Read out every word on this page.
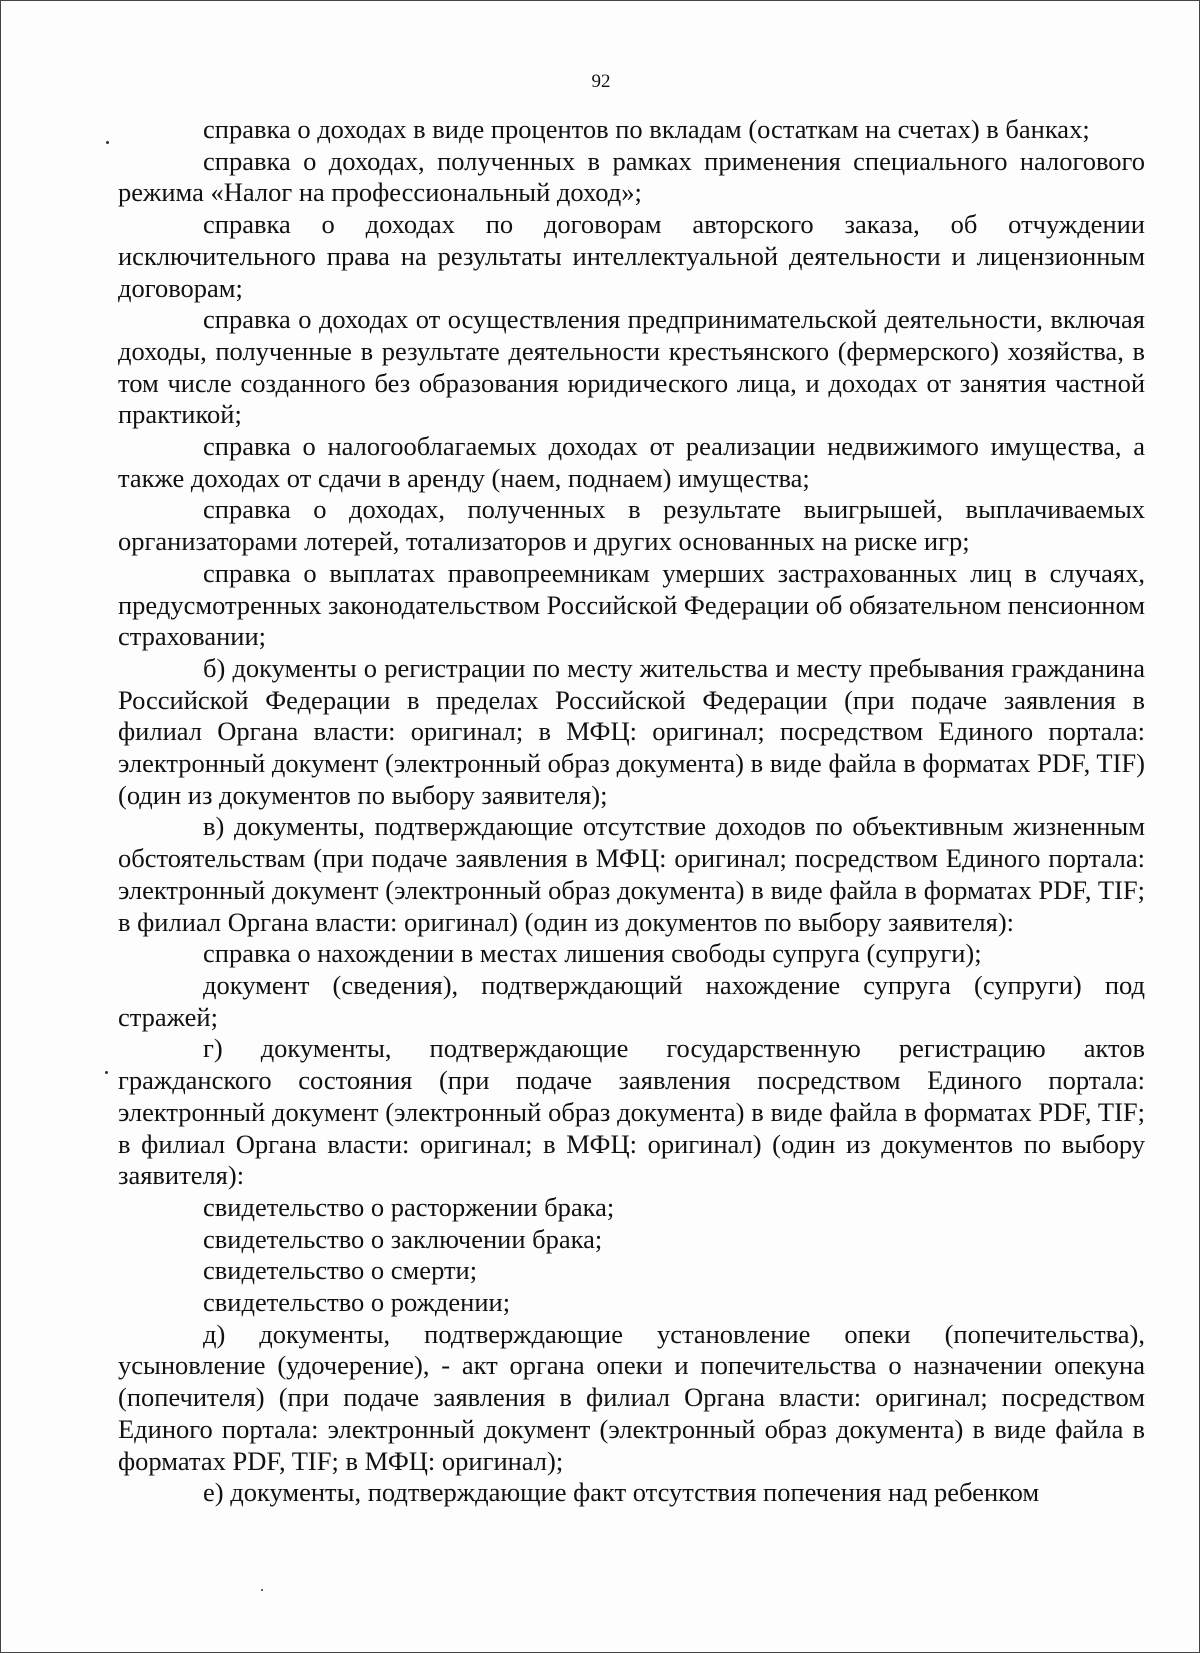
92

справка о доходах в виде процентов по вкладам (остаткам на счетах) в банках;

справка о доходах, полученных в рамках применения специального налогового режима «Налог на профессиональный доход»;

справка о доходах по договорам авторского заказа, об отчуждении исключительного права на результаты интеллектуальной деятельности и лицензионным договорам;

справка о доходах от осуществления предпринимательской деятельности, включая доходы, полученные в результате деятельности крестьянского (фермерского) хозяйства, в том числе созданного без образования юридического лица, и доходах от занятия частной практикой;

справка о налогооблагаемых доходах от реализации недвижимого имущества, а также доходах от сдачи в аренду (наем, поднаем) имущества;

справка о доходах, полученных в результате выигрышей, выплачиваемых организаторами лотерей, тотализаторов и других основанных на риске игр;

справка о выплатах правопреемникам умерших застрахованных лиц в случаях, предусмотренных законодательством Российской Федерации об обязательном пенсионном страховании;

б) документы о регистрации по месту жительства и месту пребывания гражданина Российской Федерации в пределах Российской Федерации (при подаче заявления в филиал Органа власти: оригинал; в МФЦ: оригинал; посредством Единого портала: электронный документ (электронный образ документа) в виде файла в форматах PDF, TIF) (один из документов по выбору заявителя);

в) документы, подтверждающие отсутствие доходов по объективным жизненным обстоятельствам (при подаче заявления в МФЦ: оригинал; посредством Единого портала: электронный документ (электронный образ документа) в виде файла в форматах PDF, TIF; в филиал Органа власти: оригинал) (один из документов по выбору заявителя):

справка о нахождении в местах лишения свободы супруга (супруги);

документ (сведения), подтверждающий нахождение супруга (супруги) под стражей;

г) документы, подтверждающие государственную регистрацию актов гражданского состояния (при подаче заявления посредством Единого портала: электронный документ (электронный образ документа) в виде файла в форматах PDF, TIF; в филиал Органа власти: оригинал; в МФЦ: оригинал) (один из документов по выбору заявителя):

свидетельство о расторжении брака;

свидетельство о заключении брака;

свидетельство о смерти;

свидетельство о рождении;

д) документы, подтверждающие установление опеки (попечительства), усыновление (удочерение), - акт органа опеки и попечительства о назначении опекуна (попечителя) (при подаче заявления в филиал Органа власти: оригинал; посредством Единого портала: электронный документ (электронный образ документа) в виде файла в форматах PDF, TIF; в МФЦ: оригинал);

е) документы, подтверждающие факт отсутствия попечения над ребенком
